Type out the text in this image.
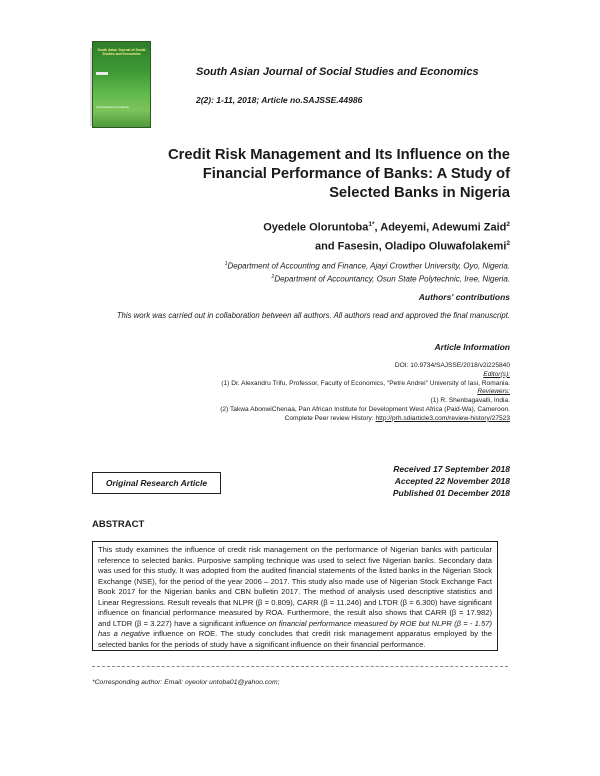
South Asian Journal of Social Studies and Economics
Sciencedomain International
South Asian Journal of Social Studies and Economics
2(2): 1-11, 2018; Article no.SAJSSE.44986
Credit Risk Management and Its Influence on the
Financial Performance of Banks: A Study of
Selected Banks in Nigeria
Oyedele Oloruntoba$^{1*}$, Adeyemi, Adewumi Zaid$^2$
and Fasesin, Oladipo Oluwafolakemi$^2$
$^1$Department of Accounting and Finance, Ajayi Crowther University, Oyo, Nigeria.
$^2$Department of Accountancy, Osun State Polytechnic, Iree, Nigeria.
Authors' contributions
This work was carried out in collaboration between all authors. All authors read and approved the final manuscript.
Article Information
DOI: 10.9734/SAJSSE/2018/v2i225840
Editor(s):
(1) Dr. Alexandru Trifu, Professor, Faculty of Economics, "Petre Andrei" University of Iasi, Romania.
Reviewers:
(1) R. Shenbagavalli, India.
(2) Takwa AbonwiChenaa, Pan African Institute for Development West Africa (Paid-Wa), Cameroon.
Complete Peer review History: http://prh.sdiarticle3.com/review-history/27523
Original Research Article
Received 17 September 2018
Accepted 22 November 2018
Published 01 December 2018
ABSTRACT
This study examines the influence of credit risk management on the performance of Nigerian banks with particular reference to selected banks. Purposive sampling technique was used to select five Nigerian banks. Secondary data was used for this study. It was adopted from the audited financial statements of the listed banks in the Nigerian Stock Exchange (NSE), for the period of the year 2006 – 2017. This study also made use of Nigerian Stock Exchange Fact Book 2017 for the Nigerian banks and CBN bulletin 2017. The method of analysis used descriptive statistics and Linear Regressions. Result reveals that NLPR (β = 0.809), CARR (β = 11.246) and LTDR (β = 6.300) have significant influence on financial performance measured by ROA. Furthermore, the result also shows that CARR (β = 17.982) and LTDR (β = 3.227) have a significant influence on financial performance measured by ROE but NLPR (β = - 1.57) has a negative influence on ROE. The study concludes that credit risk management apparatus employed by the selected banks for the periods of study have a significant influence on their financial performance.
*Corresponding author: Email: oyeolor untoba01@yahoo.com;
